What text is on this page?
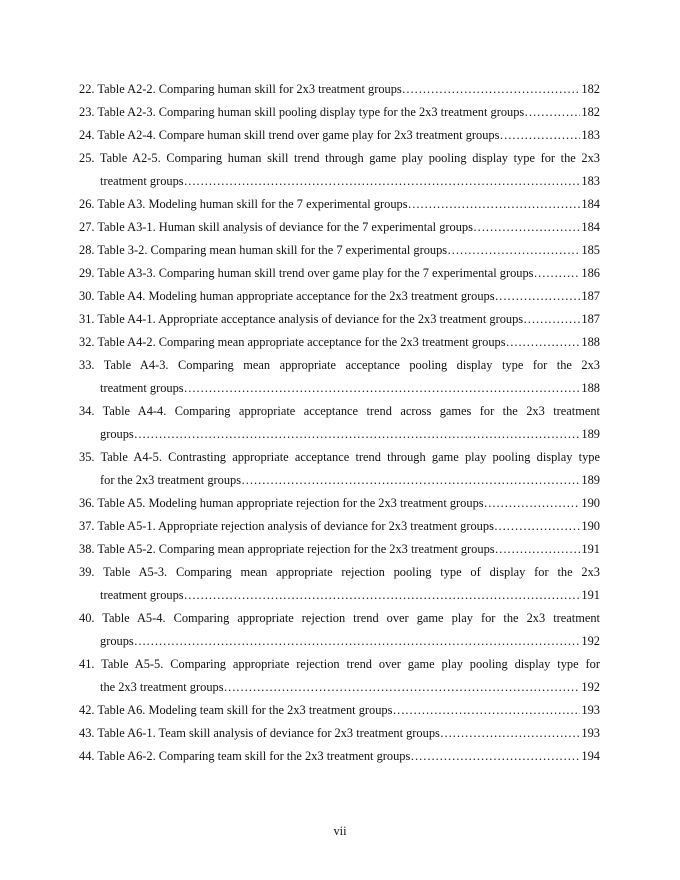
22. Table A2-2. Comparing human skill for 2x3 treatment groups ……………………………………………………………………………………………………………………………………………………………………	182
23. Table A2-3. Comparing human skill pooling display type for the 2x3 treatment groups ……………………………………………………………………………………………………………………………………………………………………	182
24. Table A2-4. Compare human skill trend over game play for 2x3 treatment groups ……………………………………………………………………………………………………………………………………………………………………	183
25. Table A2-5. Comparing human skill trend through game play pooling display type for the 2x3
treatment groups ……………………………………………………………………………………………………………………………………………………………………	183
26. Table A3. Modeling human skill for the 7 experimental groups ……………………………………………………………………………………………………………………………………………………………………	184
27. Table A3-1. Human skill analysis of deviance for the 7 experimental groups ……………………………………………………………………………………………………………………………………………………………………	184
28. Table 3-2. Comparing mean human skill for the 7 experimental groups ……………………………………………………………………………………………………………………………………………………………………	185
29. Table A3-3. Comparing human skill trend over game play for the 7 experimental groups ……………………………………………………………………………………………………………………………………………………………………	186
30. Table A4. Modeling human appropriate acceptance for the 2x3 treatment groups ……………………………………………………………………………………………………………………………………………………………………	187
31. Table A4-1. Appropriate acceptance analysis of deviance for the 2x3 treatment groups ……………………………………………………………………………………………………………………………………………………………………	187
32. Table A4-2. Comparing mean appropriate acceptance for the 2x3 treatment groups ……………………………………………………………………………………………………………………………………………………………………	188
33. Table A4-3. Comparing mean appropriate acceptance pooling display type for the 2x3
treatment groups ……………………………………………………………………………………………………………………………………………………………………	188
34. Table A4-4. Comparing appropriate acceptance trend across games for the 2x3 treatment
groups ……………………………………………………………………………………………………………………………………………………………………	189
35. Table A4-5. Contrasting appropriate acceptance trend through game play pooling display type
for the 2x3 treatment groups ……………………………………………………………………………………………………………………………………………………………………	189
36. Table A5. Modeling human appropriate rejection for the 2x3 treatment groups ……………………………………………………………………………………………………………………………………………………………………	190
37. Table A5-1. Appropriate rejection analysis of deviance for 2x3 treatment groups ……………………………………………………………………………………………………………………………………………………………………	190
38. Table A5-2. Comparing mean appropriate rejection for the 2x3 treatment groups ……………………………………………………………………………………………………………………………………………………………………	191
39. Table A5-3. Comparing mean appropriate rejection pooling type of display for the 2x3
treatment groups ……………………………………………………………………………………………………………………………………………………………………	191
40. Table A5-4. Comparing appropriate rejection trend over game play for the 2x3 treatment
groups ……………………………………………………………………………………………………………………………………………………………………	192
41. Table A5-5. Comparing appropriate rejection trend over game play pooling display type for
the 2x3 treatment groups ……………………………………………………………………………………………………………………………………………………………………	192
42. Table A6. Modeling team skill for the 2x3 treatment groups ……………………………………………………………………………………………………………………………………………………………………	193
43. Table A6-1. Team skill analysis of deviance for 2x3 treatment groups ……………………………………………………………………………………………………………………………………………………………………	193
44. Table A6-2. Comparing team skill for the 2x3 treatment groups ……………………………………………………………………………………………………………………………………………………………………	194
vii
